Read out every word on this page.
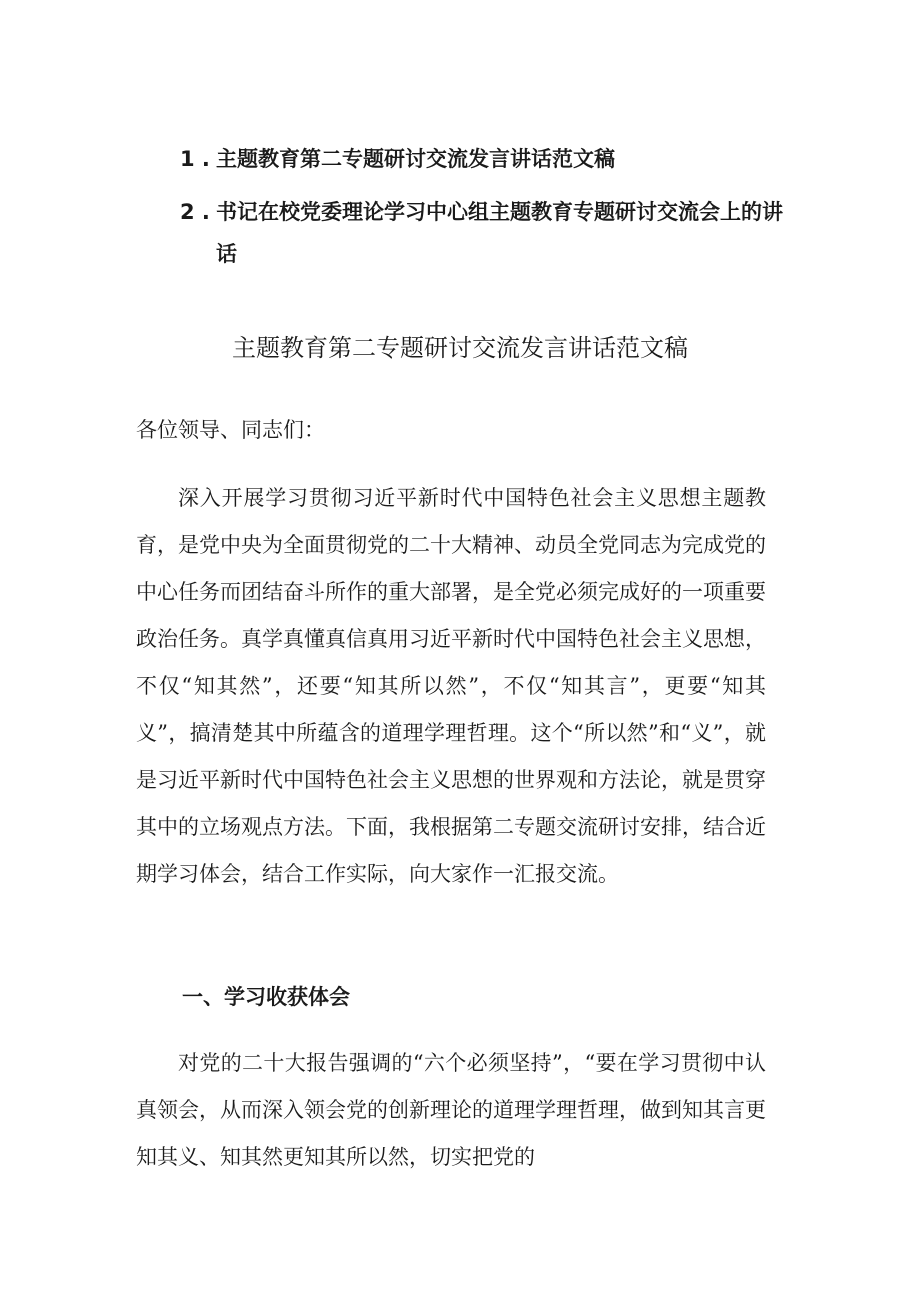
1 . 主题教育第二专题研讨交流发言讲话范文稿
2 . 书记在校党委理论学习中心组主题教育专题研讨交流会上的讲话
主题教育第二专题研讨交流发言讲话范文稿
各位领导、同志们：

深入开展学习贯彻习近平新时代中国特色社会主义思想主题教育，是党中央为全面贯彻党的二十大精神、动员全党同志为完成党的中心任务而团结奋斗所作的重大部署，是全党必须完成好的一项重要政治任务。真学真懂真信真用习近平新时代中国特色社会主义思想，不仅“知其然”，还要“知其所以然”，不仅“知其言”，更要“知其义”，搞清楚其中所蕴含的道理学理哲理。这个“所以然”和“义”，就是习近平新时代中国特色社会主义思想的世界观和方法论，就是贯穿其中的立场观点方法。下面，我根据第二专题交流研讨安排，结合近期学习体会，结合工作实际，向大家作一汇报交流。

一、学习收获体会

对党的二十大报告强调的“六个必须坚持”，“要在学习贯彻中认真领会，从而深入领会党的创新理论的道理学理哲理，做到知其言更知其义、知其然更知其所以然，切实把党的
